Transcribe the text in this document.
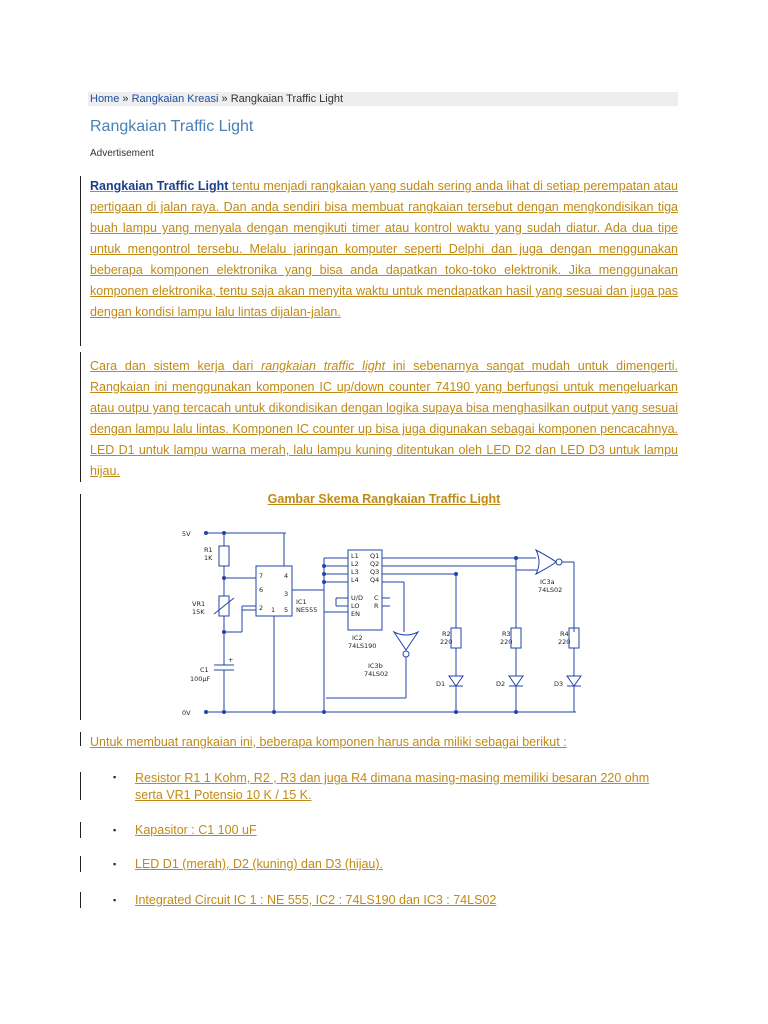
Home » Rangkaian Kreasi » Rangkaian Traffic Light
Rangkaian Traffic Light
Advertisement

Rangkaian Traffic Light tentu menjadi rangkaian yang sudah sering anda lihat di setiap perempatan atau pertigaan di jalan raya. Dan anda sendiri bisa membuat rangkaian tersebut dengan mengkondisikan tiga buah lampu yang menyala dengan mengikuti timer atau kontrol waktu yang sudah diatur. Ada dua tipe untuk mengontrol tersebu. Melalu jaringan komputer seperti Delphi dan juga dengan menggunakan beberapa komponen elektronika yang bisa anda dapatkan toko-toko elektronik. Jika menggunakan komponen elektronika, tentu saja akan menyita waktu untuk mendapatkan hasil yang sesuai dan juga pas dengan kondisi lampu lalu lintas dijalan-jalan.

Cara dan sistem kerja dari rangkaian traffic light ini sebenarnya sangat mudah untuk dimengerti. Rangkaian ini menggunakan komponen IC up/down counter 74190 yang berfungsi untuk mengeluarkan atau outpu yang tercacah untuk dikondisikan dengan logika supaya bisa menghasilkan output yang sesuai dengan lampu lalu lintas. Komponen IC counter up bisa juga digunakan sebagai komponen pencacahnya. LED D1 untuk lampu warna merah, lalu lampu kuning ditentukan oleh LED D2 dan LED D3 untuk lampu hijau.

Gambar Skema Rangkaian Traffic Light
5V
0V
R1
1K
VR1
15K
C1
100μF
+
7	4
3
6
2 1 5
IC1
NE555
L1
L2
L3
L4
Q1
Q2
Q3
Q4
U/D
LO
EN
C
R
IC2
74LS190
IC3b
74LS02
IC3a
74LS02
R2
220
R3
220
R4
220
D1	D2	D3
Untuk membuat rangkaian ini, beberapa komponen harus anda miliki sebagai berikut :
▪ Resistor R1 1 Kohm, R2 , R3 dan juga R4 dimana masing-masing memiliki besaran 220 ohm serta VR1 Potensio 10 K / 15 K.

▪ Kapasitor : C1 100 uF

▪ LED D1 (merah), D2 (kuning) dan D3 (hijau).

▪ Integrated Circuit IC 1 : NE 555, IC2 : 74LS190 dan IC3 : 74LS02
